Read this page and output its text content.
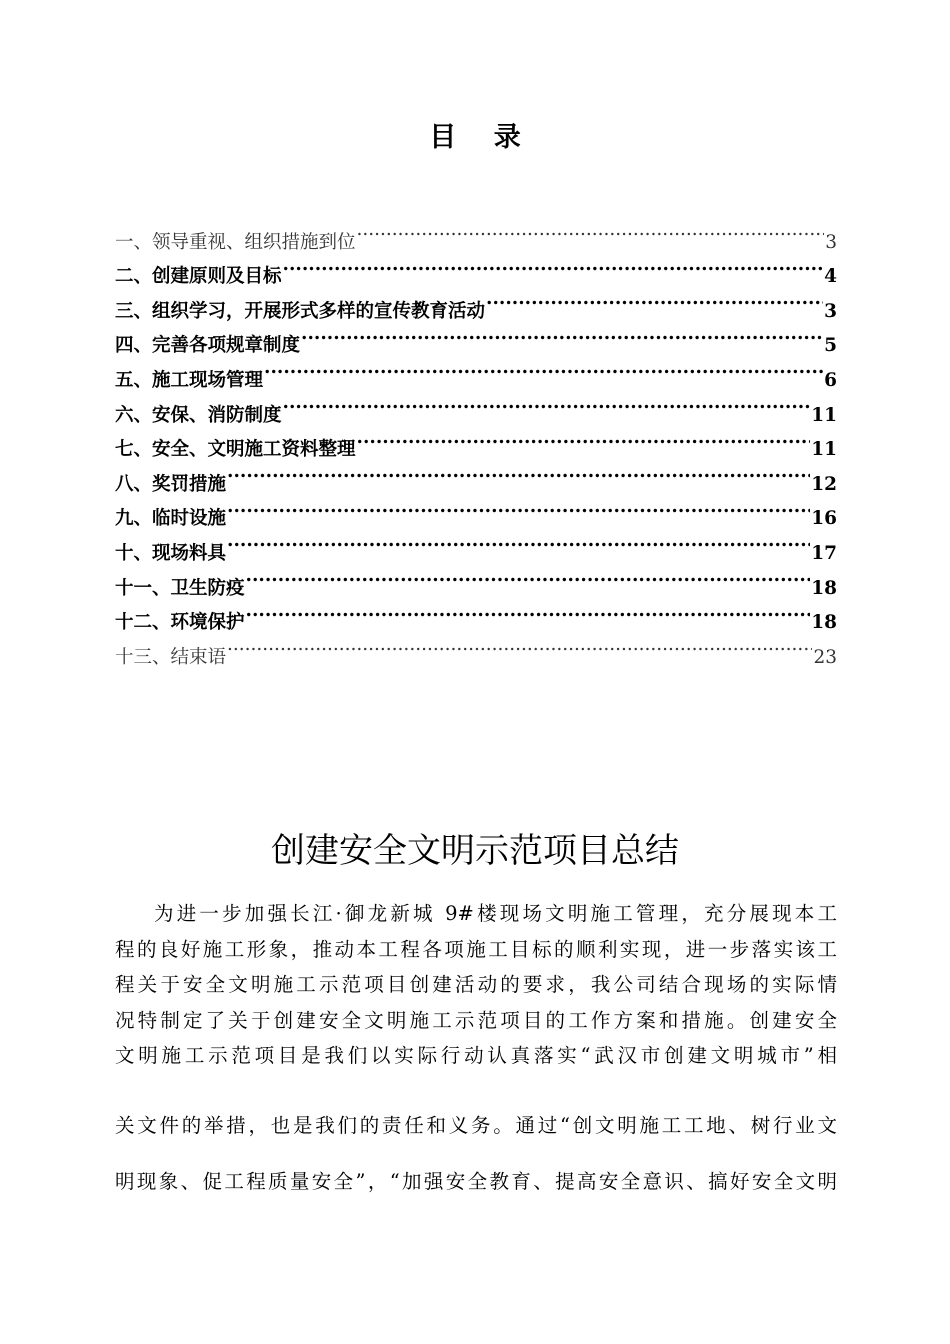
目 录
一、领导重视、组织措施到位 .....	3
二、创建原则及目标 .....	4
三、组织学习，开展形式多样的宣传教育活动 .....	3
四、完善各项规章制度 .....	5
五、施工现场管理 .....	6
六、安保、消防制度 .....	11
七、安全、文明施工资料整理 .....	11
八、奖罚措施 .....	12
九、临时设施 .....	16
十、现场料具 .....	17
十一、卫生防疫 .....	18
十二、环境保护 .....	18
十三、结束语 .....	23
创建安全文明示范项目总结
为进一步加强长江·御龙新城 9#楼现场文明施工管理，充分展现本工
程的良好施工形象，推动本工程各项施工目标的顺利实现，进一步落实该工
程关于安全文明施工示范项目创建活动的要求，我公司结合现场的实际情
况特制定了关于创建安全文明施工示范项目的工作方案和措施。创建安全
文明施工示范项目是我们以实际行动认真落实“武汉市创建文明城市”相
关文件的举措，也是我们的责任和义务。通过“创文明施工工地、树行业文
明现象、促工程质量安全”，“加强安全教育、提高安全意识、搞好安全文明
